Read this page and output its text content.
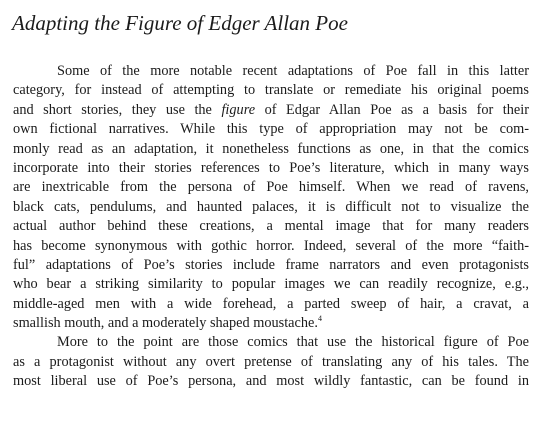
Adapting the Figure of Edger Allan Poe
Some of the more notable recent adaptations of Poe fall in this latter
category, for instead of attempting to translate or remediate his original poems
and short stories, they use the figure of Edgar Allan Poe as a basis for their
own fictional narratives. While this type of appropriation may not be com-
monly read as an adaptation, it nonetheless functions as one, in that the comics
incorporate into their stories references to Poe’s literature, which in many ways
are inextricable from the persona of Poe himself. When we read of ravens,
black cats, pendulums, and haunted palaces, it is difficult not to visualize the
actual author behind these creations, a mental image that for many readers
has become synonymous with gothic horror. Indeed, several of the more “faith-
ful” adaptations of Poe’s stories include frame narrators and even protagonists
who bear a striking similarity to popular images we can readily recognize, e.g.,
middle-aged men with a wide forehead, a parted sweep of hair, a cravat, a
smallish mouth, and a moderately shaped moustache.$^4$
More to the point are those comics that use the historical figure of Poe
as a protagonist without any overt pretense of translating any of his tales. The
most liberal use of Poe’s persona, and most wildly fantastic, can be found in
